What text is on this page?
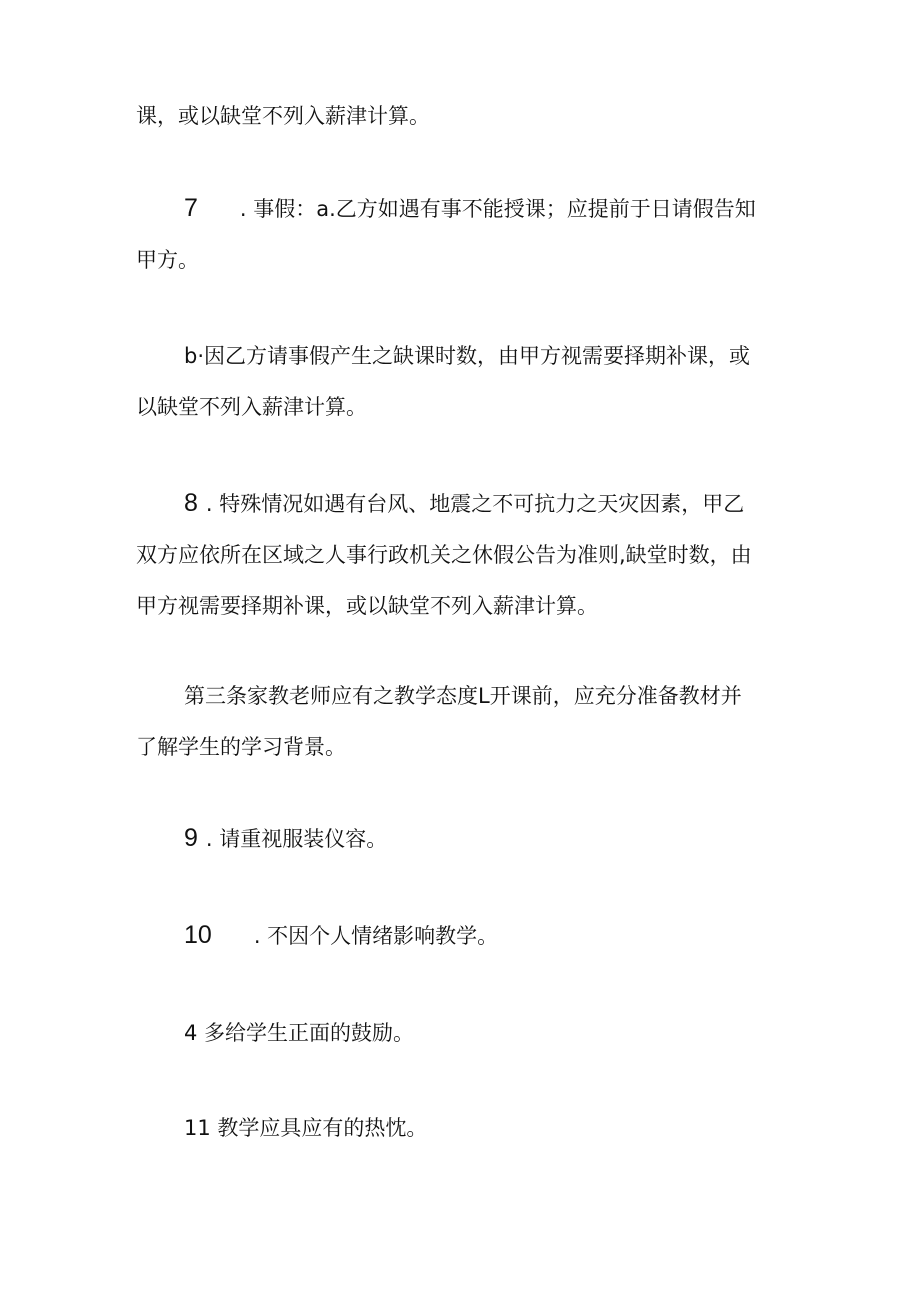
课，或以缺堂不列入薪津计算。

7 . 事假：a.乙方如遇有事不能授课；应提前于日请假告知
甲方。

b·因乙方请事假产生之缺课时数，由甲方视需要择期补课，或
以缺堂不列入薪津计算。

8 . 特殊情况如遇有台风、地震之不可抗力之天灾因素，甲乙
双方应依所在区域之人事行政机关之休假公告为准则,缺堂时数，由
甲方视需要择期补课，或以缺堂不列入薪津计算。

第三条家教老师应有之教学态度L开课前，应充分准备教材并
了解学生的学习背景。

9 . 请重视服装仪容。

10 . 不因个人情绪影响教学。

4 多给学生正面的鼓励。

11 教学应具应有的热忱。
